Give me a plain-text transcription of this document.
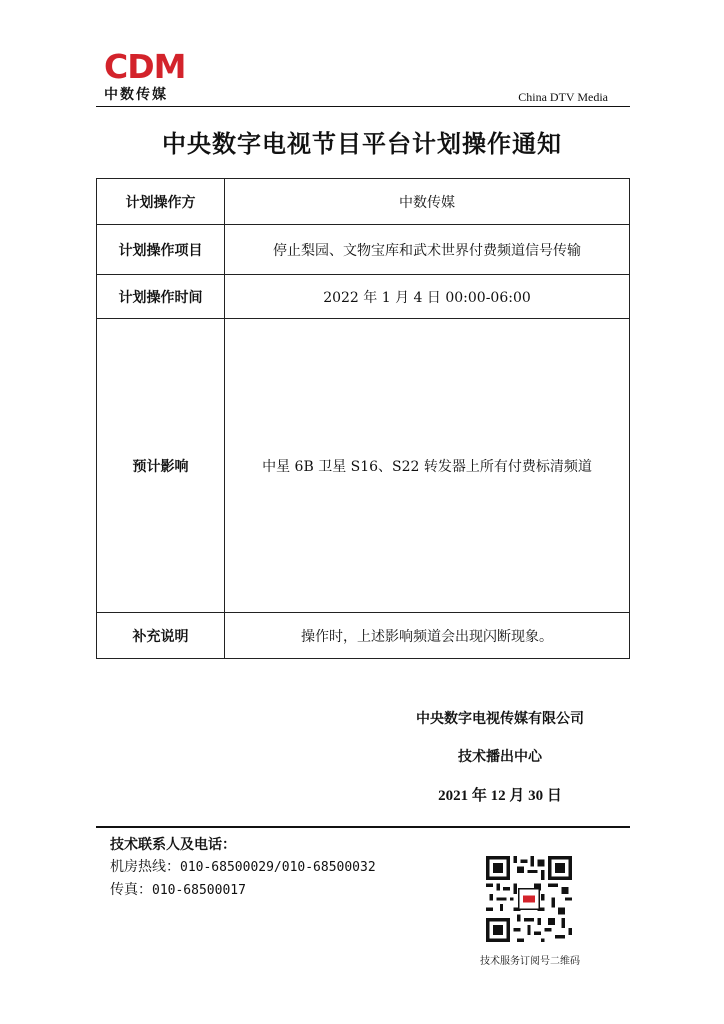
CDM
中数传媒	China DTV Media
中央数字电视节目平台计划操作通知
计划操作方	中数传媒
计划操作项目	停止梨园、文物宝库和武术世界付费频道信号传输
计划操作时间	2022 年 1 月 4 日 00:00-06:00
预计影响	中星 6B 卫星 S16、S22 转发器上所有付费标清频道
补充说明	操作时，上述影响频道会出现闪断现象。
中央数字电视传媒有限公司
技术播出中心
2021 年 12 月 30 日
技术联系人及电话：
机房热线：010-68500029/010-68500032
传真：010-68500017
技术服务订阅号二维码
